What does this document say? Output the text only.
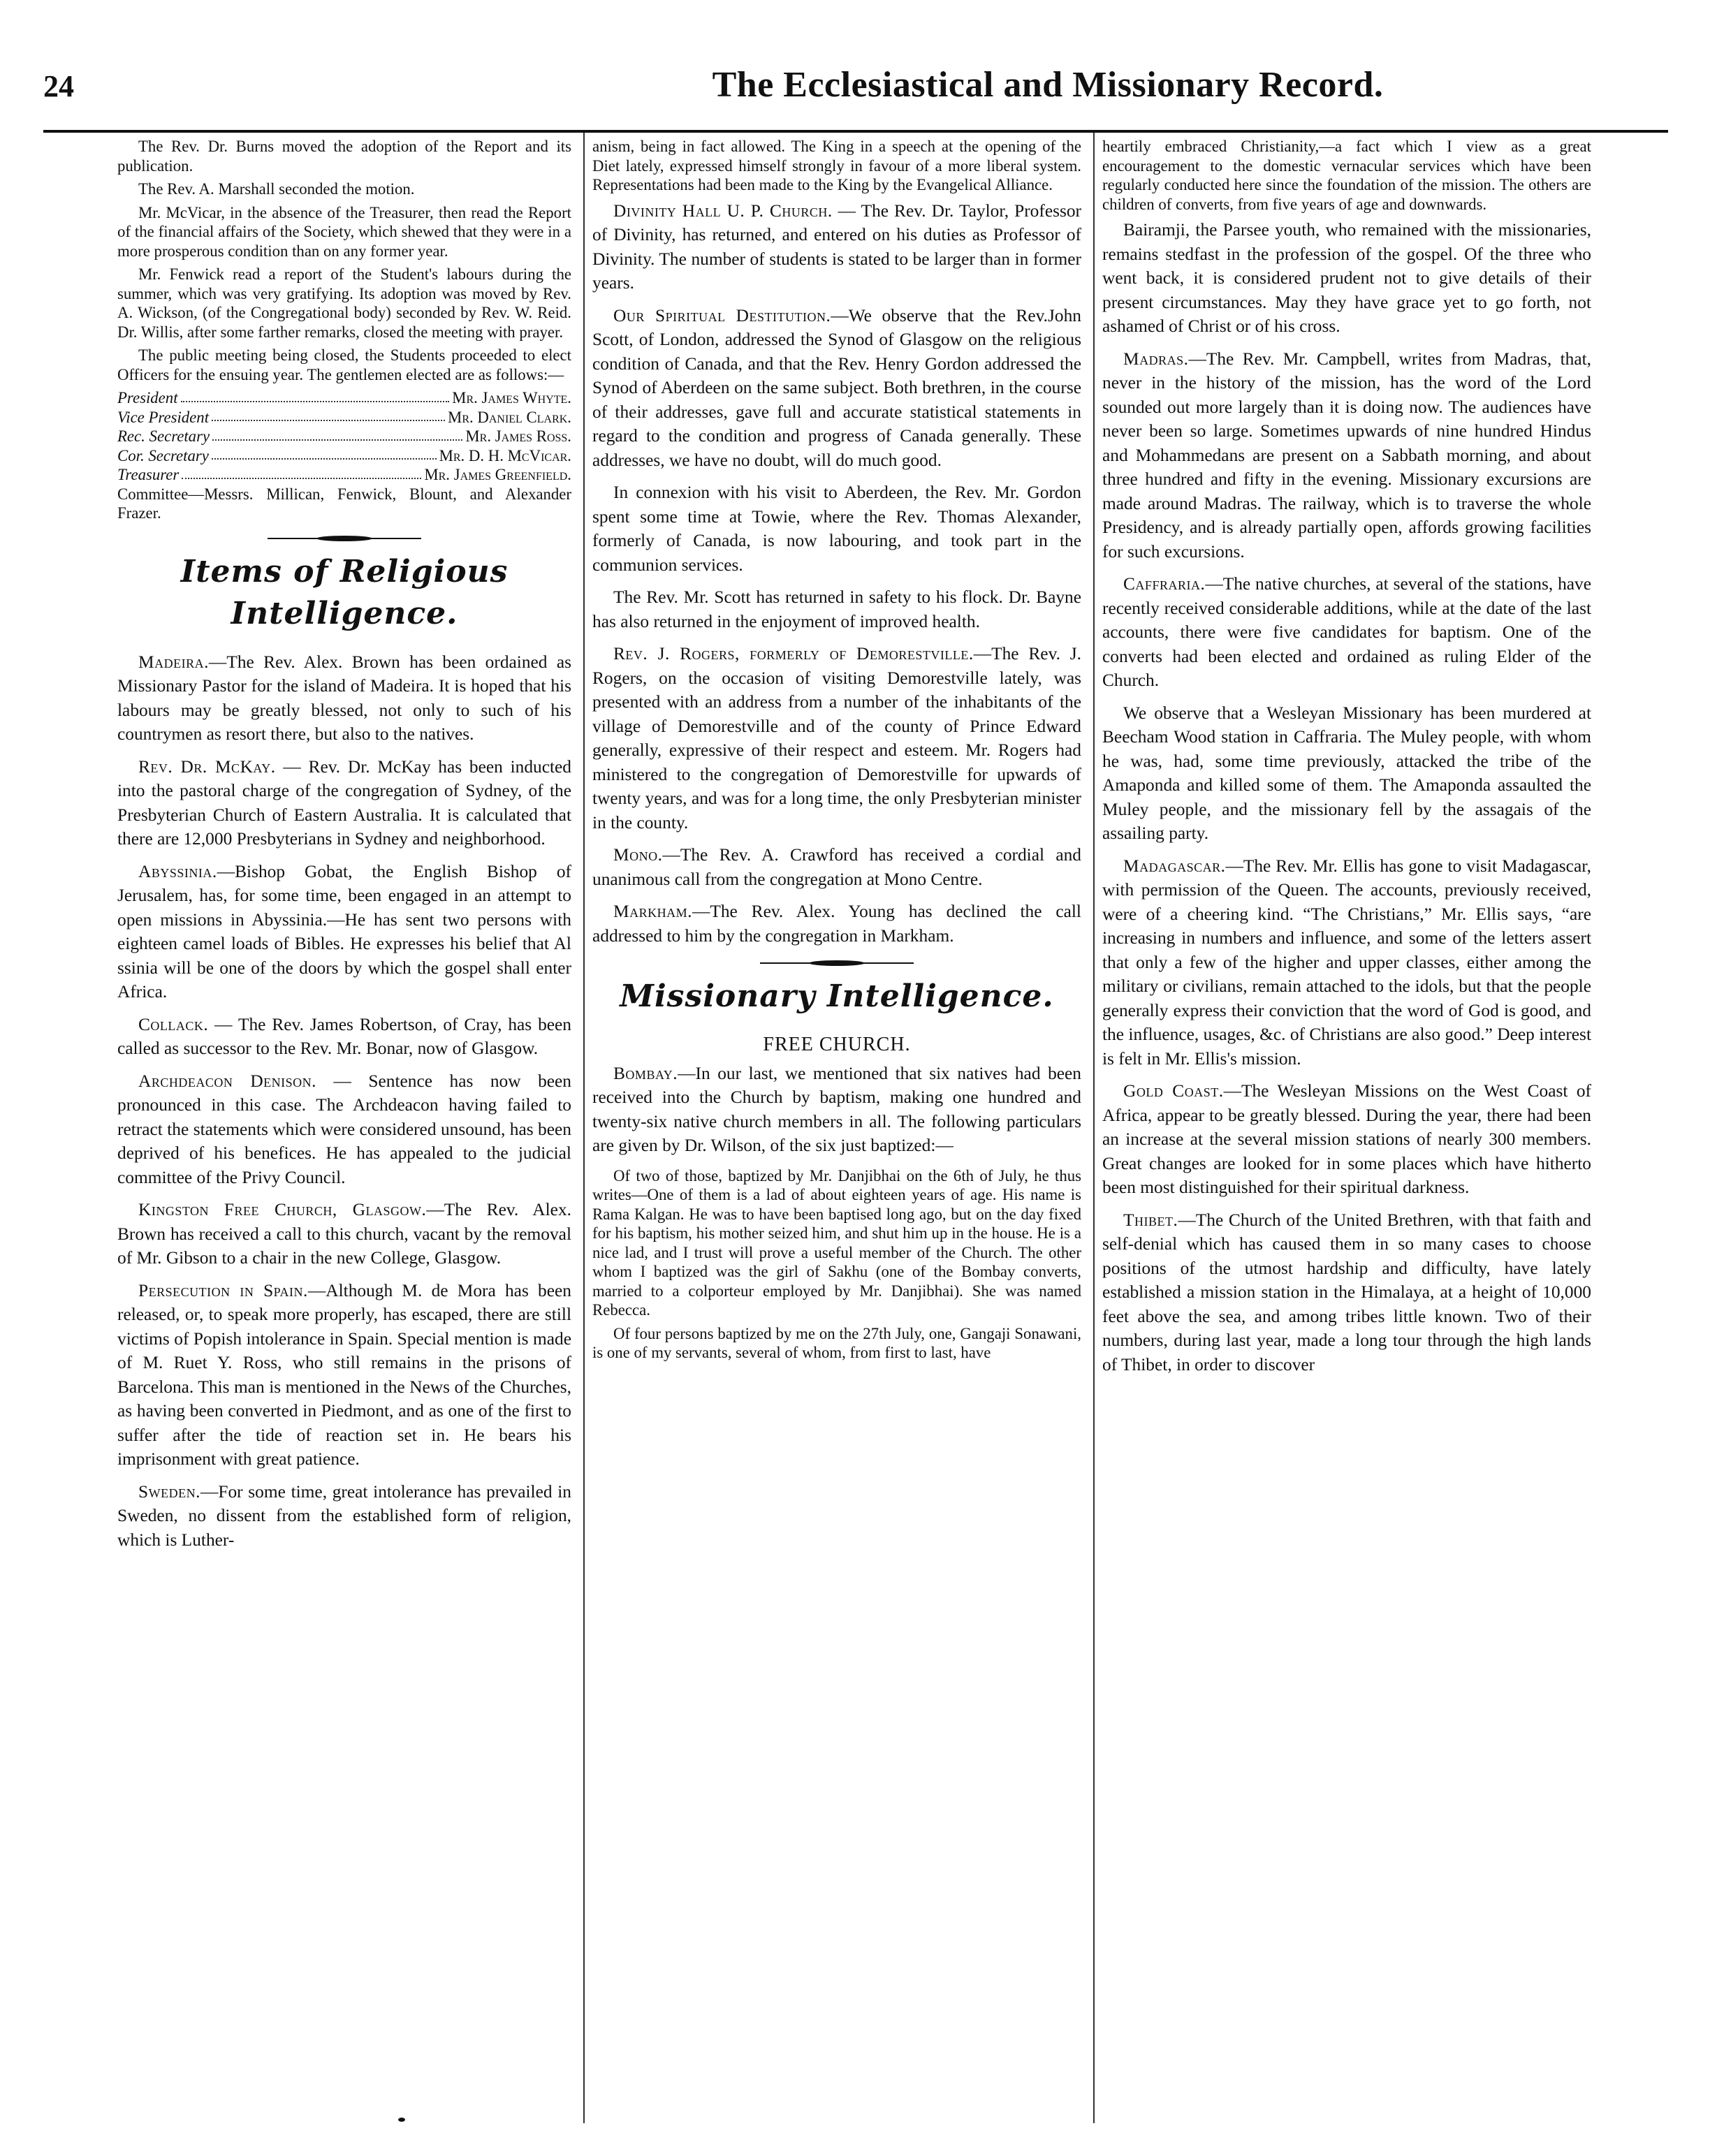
24	The Ecclesiastical and Missionary Record.

The Rev. Dr. Burns moved the adoption of the Report and its publication.

The Rev. A. Marshall seconded the motion.

Mr. McVicar, in the absence of the Treasurer, then read the Report of the financial affairs of the Society, which shewed that they were in a more prosperous condition than on any former year.

Mr. Fenwick read a report of the Student's labours during the summer, which was very gratifying. Its adoption was moved by Rev. A. Wickson, (of the Congregational body) seconded by Rev. W. Reid. Dr. Willis, after some farther remarks, closed the meeting with prayer.

The public meeting being closed, the Students proceeded to elect Officers for the ensuing year. The gentlemen elected are as follows:—

President	Mr. James Whyte.
Vice President	Mr. Daniel Clark.
Rec. Secretary	Mr. James Ross.
Cor. Secretary	Mr. D. H. McVicar.
Treasurer	Mr. James Greenfield.
Committee—Messrs. Millican, Fenwick, Blount, and Alexander Frazer.
Items of Religious Intelligence.

Madeira.—The Rev. Alex. Brown has been ordained as Missionary Pastor for the island of Madeira. It is hoped that his labours may be greatly blessed, not only to such of his countrymen as resort there, but also to the natives.

Rev. Dr. McKay. — Rev. Dr. McKay has been inducted into the pastoral charge of the congregation of Sydney, of the Presbyterian Church of Eastern Australia. It is calculated that there are 12,000 Presbyterians in Sydney and neighborhood.

Abyssinia.—Bishop Gobat, the English Bishop of Jerusalem, has, for some time, been engaged in an attempt to open missions in Abyssinia.—He has sent two persons with eighteen camel loads of Bibles. He expresses his belief that Al ssinia will be one of the doors by which the gospel shall enter Africa.

Collack. — The Rev. James Robertson, of Cray, has been called as successor to the Rev. Mr. Bonar, now of Glasgow.

Archdeacon Denison. — Sentence has now been pronounced in this case. The Archdeacon having failed to retract the statements which were considered unsound, has been deprived of his benefices. He has appealed to the judicial committee of the Privy Council.

Kingston Free Church, Glasgow.—The Rev. Alex. Brown has received a call to this church, vacant by the removal of Mr. Gibson to a chair in the new College, Glasgow.

Persecution in Spain.—Although M. de Mora has been released, or, to speak more properly, has escaped, there are still victims of Popish intolerance in Spain. Special mention is made of M. Ruet Y. Ross, who still remains in the prisons of Barcelona. This man is mentioned in the News of the Churches, as having been converted in Piedmont, and as one of the first to suffer after the tide of reaction set in. He bears his imprisonment with great patience.

Sweden.—For some time, great intolerance has prevailed in Sweden, no dissent from the established form of religion, which is Luther-

anism, being in fact allowed. The King in a speech at the opening of the Diet lately, expressed himself strongly in favour of a more liberal system. Representations had been made to the King by the Evangelical Alliance.

Divinity Hall U. P. Church. — The Rev. Dr. Taylor, Professor of Divinity, has returned, and entered on his duties as Professor of Divinity. The number of students is stated to be larger than in former years.

Our Spiritual Destitution.—We observe that the Rev.John Scott, of London, addressed the Synod of Glasgow on the religious condition of Canada, and that the Rev. Henry Gordon addressed the Synod of Aberdeen on the same subject. Both brethren, in the course of their addresses, gave full and accurate statistical statements in regard to the condition and progress of Canada generally. These addresses, we have no doubt, will do much good.

In connexion with his visit to Aberdeen, the Rev. Mr. Gordon spent some time at Towie, where the Rev. Thomas Alexander, formerly of Canada, is now labouring, and took part in the communion services.

The Rev. Mr. Scott has returned in safety to his flock. Dr. Bayne has also returned in the enjoyment of improved health.

Rev. J. Rogers, formerly of Demorestville.—The Rev. J. Rogers, on the occasion of visiting Demorestville lately, was presented with an address from a number of the inhabitants of the village of Demorestville and of the county of Prince Edward generally, expressive of their respect and esteem. Mr. Rogers had ministered to the congregation of Demorestville for upwards of twenty years, and was for a long time, the only Presbyterian minister in the county.

Mono.—The Rev. A. Crawford has received a cordial and unanimous call from the congregation at Mono Centre.

Markham.—The Rev. Alex. Young has declined the call addressed to him by the congregation in Markham.

Missionary Intelligence.
FREE CHURCH.

Bombay.—In our last, we mentioned that six natives had been received into the Church by baptism, making one hundred and twenty-six native church members in all. The following particulars are given by Dr. Wilson, of the six just baptized:—

Of two of those, baptized by Mr. Danjibhai on the 6th of July, he thus writes—One of them is a lad of about eighteen years of age. His name is Rama Kalgan. He was to have been baptised long ago, but on the day fixed for his baptism, his mother seized him, and shut him up in the house. He is a nice lad, and I trust will prove a useful member of the Church. The other whom I baptized was the girl of Sakhu (one of the Bombay converts, married to a colporteur employed by Mr. Danjibhai). She was named Rebecca.

Of four persons baptized by me on the 27th July, one, Gangaji Sonawani, is one of my servants, several of whom, from first to last, have

heartily embraced Christianity,—a fact which I view as a great encouragement to the domestic vernacular services which have been regularly conducted here since the foundation of the mission. The others are children of converts, from five years of age and downwards.

Bairamji, the Parsee youth, who remained with the missionaries, remains stedfast in the profession of the gospel. Of the three who went back, it is considered prudent not to give details of their present circumstances. May they have grace yet to go forth, not ashamed of Christ or of his cross.

Madras.—The Rev. Mr. Campbell, writes from Madras, that, never in the history of the mission, has the word of the Lord sounded out more largely than it is doing now. The audiences have never been so large. Sometimes upwards of nine hundred Hindus and Mohammedans are present on a Sabbath morning, and about three hundred and fifty in the evening. Missionary excursions are made around Madras. The railway, which is to traverse the whole Presidency, and is already partially open, affords growing facilities for such excursions.

Caffraria.—The native churches, at several of the stations, have recently received considerable additions, while at the date of the last accounts, there were five candidates for baptism. One of the converts had been elected and ordained as ruling Elder of the Church.

We observe that a Wesleyan Missionary has been murdered at Beecham Wood station in Caffraria. The Muley people, with whom he was, had, some time previously, attacked the tribe of the Amaponda and killed some of them. The Amaponda assaulted the Muley people, and the missionary fell by the assagais of the assailing party.

Madagascar.—The Rev. Mr. Ellis has gone to visit Madagascar, with permission of the Queen. The accounts, previously received, were of a cheering kind. “The Christians,” Mr. Ellis says, “are increasing in numbers and influence, and some of the letters assert that only a few of the higher and upper classes, either among the military or civilians, remain attached to the idols, but that the people generally express their conviction that the word of God is good, and the influence, usages, &c. of Christians are also good.” Deep interest is felt in Mr. Ellis's mission.

Gold Coast.—The Wesleyan Missions on the West Coast of Africa, appear to be greatly blessed. During the year, there had been an increase at the several mission stations of nearly 300 members. Great changes are looked for in some places which have hitherto been most distinguished for their spiritual darkness.

Thibet.—The Church of the United Brethren, with that faith and self-denial which has caused them in so many cases to choose positions of the utmost hardship and difficulty, have lately established a mission station in the Himalaya, at a height of 10,000 feet above the sea, and among tribes little known. Two of their numbers, during last year, made a long tour through the high lands of Thibet, in order to discover
